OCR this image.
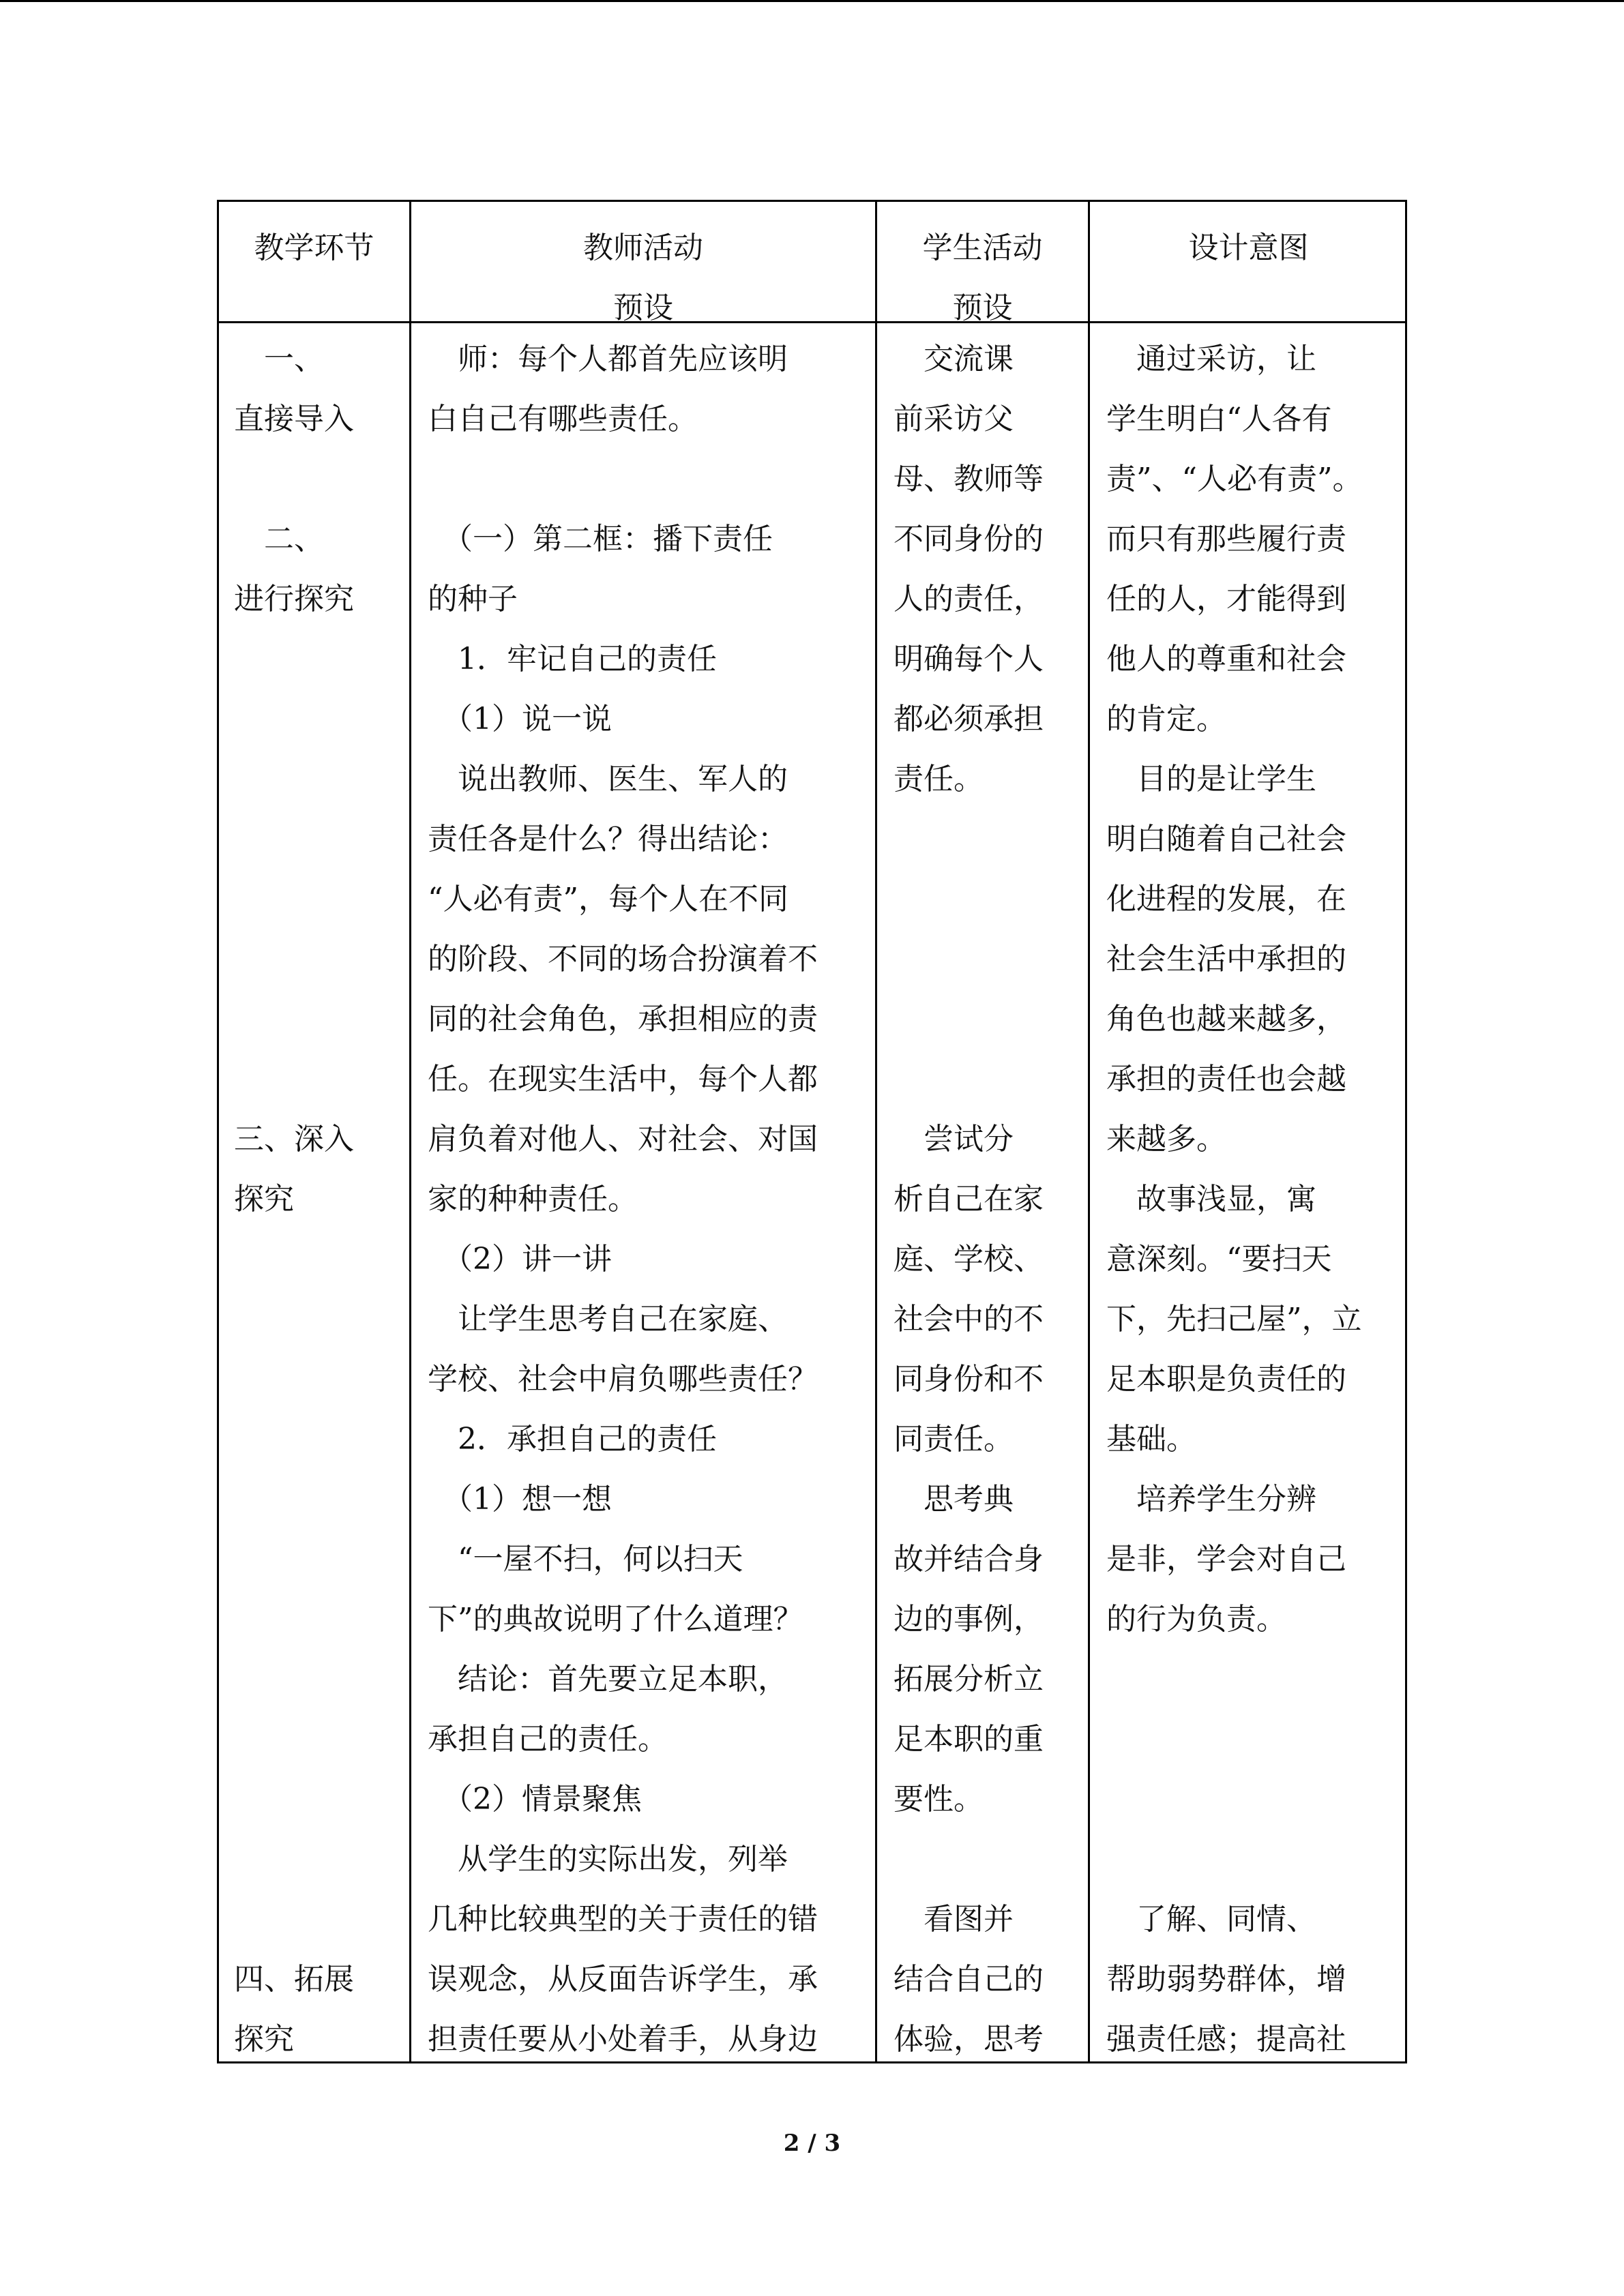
教学环节	教师活动
预设
学生活动
预设
设计意图
　一、
直接导入
　二、
进行探究
三、深入
探究
四、拓展
探究
　师：每个人都首先应该明
白自己有哪些责任。
　（一）第二框：播下责任
的种子
　1．牢记自己的责任
　（1）说一说
　说出教师、医生、军人的
责任各是什么？得出结论：
“人必有责”，每个人在不同
的阶段、不同的场合扮演着不
同的社会角色，承担相应的责
任。在现实生活中，每个人都
肩负着对他人、对社会、对国
家的种种责任。
　（2）讲一讲
　让学生思考自己在家庭、
学校、社会中肩负哪些责任？
　2．承担自己的责任
　（1）想一想
　“一屋不扫，何以扫天
下”的典故说明了什么道理？
　结论：首先要立足本职，
承担自己的责任。
　（2）情景聚焦
　从学生的实际出发，列举
几种比较典型的关于责任的错
误观念，从反面告诉学生，承
担责任要从小处着手，从身边
　交流课
前采访父
母、教师等
不同身份的
人的责任，
明确每个人
都必须承担
责任。
　尝试分
析自己在家
庭、学校、
社会中的不
同身份和不
同责任。
　思考典
故并结合身
边的事例，
拓展分析立
足本职的重
要性。
　看图并
结合自己的
体验，思考
　通过采访，让
学生明白“人各有
责”、“人必有责”。
而只有那些履行责
任的人，才能得到
他人的尊重和社会
的肯定。
　目的是让学生
明白随着自己社会
化进程的发展，在
社会生活中承担的
角色也越来越多，
承担的责任也会越
来越多。
　故事浅显，寓
意深刻。“要扫天
下，先扫己屋”，立
足本职是负责任的
基础。
　培养学生分辨
是非，学会对自己
的行为负责。
　了解、同情、
帮助弱势群体，增
强责任感；提高社
2 / 3
